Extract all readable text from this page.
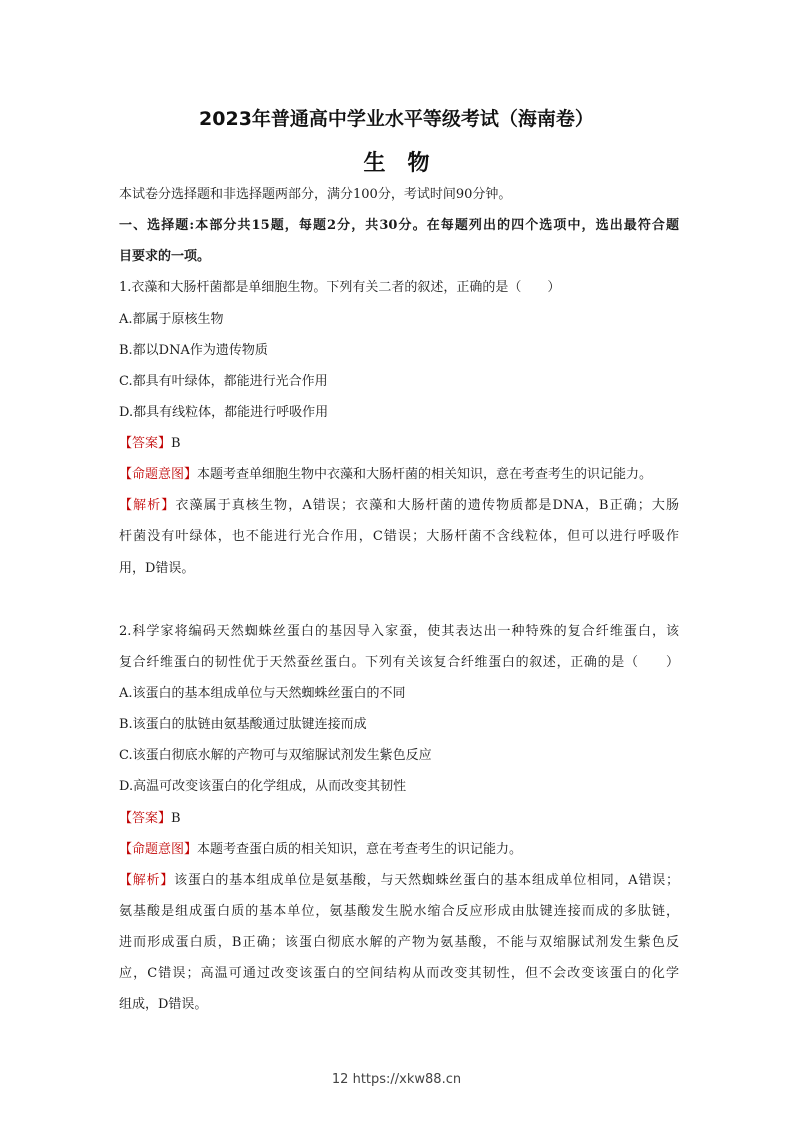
2023年普通高中学业水平等级考试（海南卷）
生物
本试卷分选择题和非选择题两部分，满分100分，考试时间90分钟。
一、选择题:本部分共15题，每题2分，共30分。在每题列出的四个选项中，选出最符合题
目要求的一项。
1.衣藻和大肠杆菌都是单细胞生物。下列有关二者的叙述，正确的是（　　）
A.都属于原核生物
B.都以DNA作为遗传物质
C.都具有叶绿体，都能进行光合作用
D.都具有线粒体，都能进行呼吸作用
【答案】B
【命题意图】本题考查单细胞生物中衣藻和大肠杆菌的相关知识，意在考查考生的识记能力。
【解析】衣藻属于真核生物，A错误；衣藻和大肠杆菌的遗传物质都是DNA，B正确；大肠
杆菌没有叶绿体，也不能进行光合作用，C错误；大肠杆菌不含线粒体，但可以进行呼吸作
用，D错误。
2.科学家将编码天然蜘蛛丝蛋白的基因导入家蚕，使其表达出一种特殊的复合纤维蛋白，该
复合纤维蛋白的韧性优于天然蚕丝蛋白。下列有关该复合纤维蛋白的叙述，正确的是（　　）
A.该蛋白的基本组成单位与天然蜘蛛丝蛋白的不同
B.该蛋白的肽链由氨基酸通过肽键连接而成
C.该蛋白彻底水解的产物可与双缩脲试剂发生紫色反应
D.高温可改变该蛋白的化学组成，从而改变其韧性
【答案】B
【命题意图】本题考查蛋白质的相关知识，意在考查考生的识记能力。
【解析】该蛋白的基本组成单位是氨基酸，与天然蜘蛛丝蛋白的基本组成单位相同，A错误；
氨基酸是组成蛋白质的基本单位，氨基酸发生脱水缩合反应形成由肽键连接而成的多肽链，
进而形成蛋白质，B正确；该蛋白彻底水解的产物为氨基酸，不能与双缩脲试剂发生紫色反
应，C错误；高温可通过改变该蛋白的空间结构从而改变其韧性，但不会改变该蛋白的化学
组成，D错误。
12 https://xkw88.cn
